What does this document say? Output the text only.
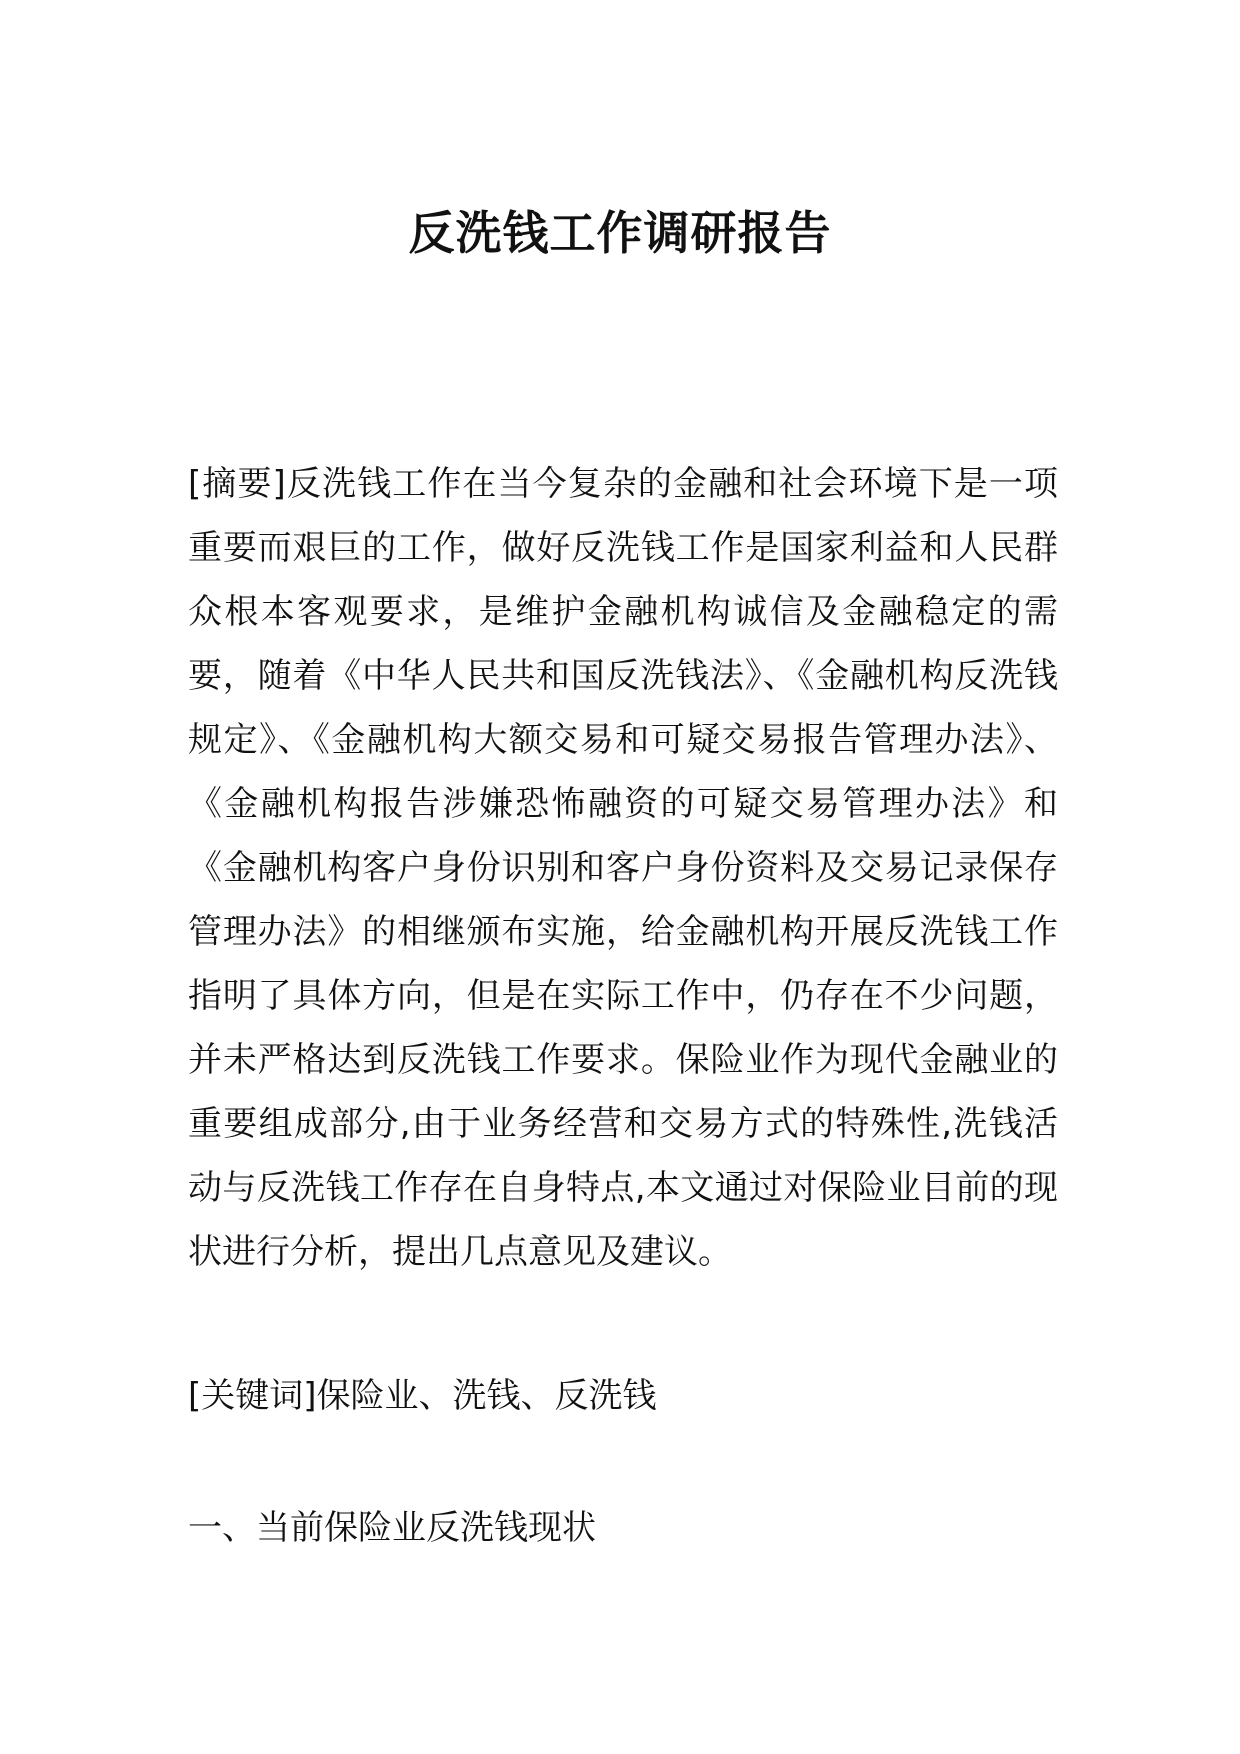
反洗钱工作调研报告

[摘要]反洗钱工作在当今复杂的金融和社会环境下是一项重要而艰巨的工作，做好反洗钱工作是国家利益和人民群众根本客观要求，是维护金融机构诚信及金融稳定的需要，随着《中华人民共和国反洗钱法》、《金融机构反洗钱规定》、《金融机构大额交易和可疑交易报告管理办法》、《金融机构报告涉嫌恐怖融资的可疑交易管理办法》和《金融机构客户身份识别和客户身份资料及交易记录保存管理办法》的相继颁布实施，给金融机构开展反洗钱工作指明了具体方向，但是在实际工作中，仍存在不少问题，并未严格达到反洗钱工作要求。保险业作为现代金融业的重要组成部分,由于业务经营和交易方式的特殊性,洗钱活动与反洗钱工作存在自身特点,本文通过对保险业目前的现状进行分析，提出几点意见及建议。

[关键词]保险业、洗钱、反洗钱

一、当前保险业反洗钱现状
